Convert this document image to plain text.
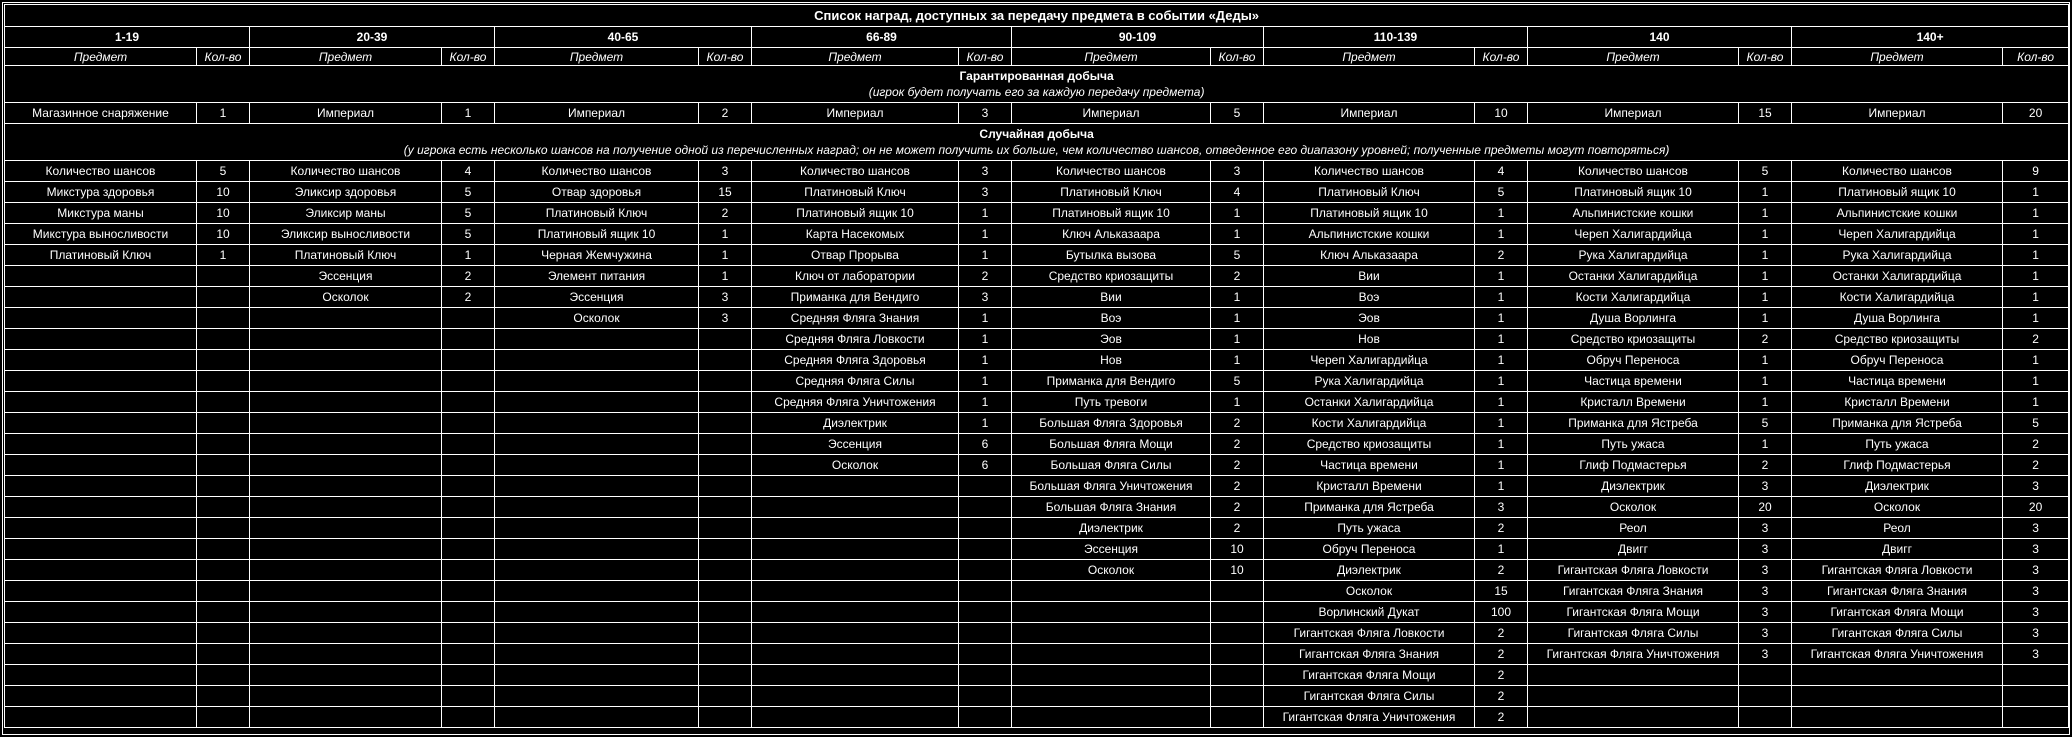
Список наград, доступных за передачу предмета в событии «Деды»															
1-19		20-39		40-65		66-89		90-109		110-139		140		140+	
Предмет	Кол-во	Предмет	Кол-во	Предмет	Кол-во	Предмет	Кол-во	Предмет	Кол-во	Предмет	Кол-во	Предмет	Кол-во	Предмет	Кол-во

Гарантированная добыча
(игрок будет получать его за каждую передачу предмета)															

Магазинное снаряжение	1	Империал	1	Империал	2	Империал	3	Империал	5	Империал	10	Империал	15	Империал	20

Случайная добыча
(у игрока есть несколько шансов на получение одной из перечисленных наград; он не может получить их больше, чем количество шансов, отведенное его диапазону уровней; полученные предметы могут повторяться)															

Количество шансов	5	Количество шансов	4	Количество шансов	3	Количество шансов	3	Количество шансов	3	Количество шансов	4	Количество шансов	5	Количество шансов	9
Микстура здоровья	10	Эликсир здоровья	5	Отвар здоровья	15	Платиновый Ключ	3	Платиновый Ключ	4	Платиновый Ключ	5	Платиновый ящик 10	1	Платиновый ящик 10	1
Микстура маны	10	Эликсир маны	5	Платиновый Ключ	2	Платиновый ящик 10	1	Платиновый ящик 10	1	Платиновый ящик 10	1	Альпинистские кошки	1	Альпинистские кошки	1
Микстура выносливости	10	Эликсир выносливости	5	Платиновый ящик 10	1	Карта Насекомых	1	Ключ Альказаара	1	Альпинистские кошки	1	Череп Халигардийца	1	Череп Халигардийца	1
Платиновый Ключ	1	Платиновый Ключ	1	Черная Жемчужина	1	Отвар Прорыва	1	Бутылка вызова	5	Ключ Альказаара	2	Рука Халигардийца	1	Рука Халигардийца	1
		Эссенция	2	Элемент питания	1	Ключ от лаборатории	2	Средство криозащиты	2	Вии	1	Останки Халигардийца	1	Останки Халигардийца	1
		Осколок	2	Эссенция	3	Приманка для Вендиго	3	Вии	1	Воэ	1	Кости Халигардийца	1	Кости Халигардийца	1
				Осколок	3	Средняя Фляга Знания	1	Воэ	1	Эов	1	Душа Ворлинга	1	Душа Ворлинга	1
						Средняя Фляга Ловкости	1	Эов	1	Нов	1	Средство криозащиты	2	Средство криозащиты	2
						Средняя Фляга Здоровья	1	Нов	1	Череп Халигардийца	1	Обруч Переноса	1	Обруч Переноса	1
						Средняя Фляга Силы	1	Приманка для Вендиго	5	Рука Халигардийца	1	Частица времени	1	Частица времени	1
						Средняя Фляга Уничтожения	1	Путь тревоги	1	Останки Халигардийца	1	Кристалл Времени	1	Кристалл Времени	1
						Диэлектрик	1	Большая Фляга Здоровья	2	Кости Халигардийца	1	Приманка для Ястреба	5	Приманка для Ястреба	5
						Эссенция	6	Большая Фляга Мощи	2	Средство криозащиты	1	Путь ужаса	1	Путь ужаса	2
						Осколок	6	Большая Фляга Силы	2	Частица времени	1	Глиф Подмастерья	2	Глиф Подмастерья	2
								Большая Фляга Уничтожения	2	Кристалл Времени	1	Диэлектрик	3	Диэлектрик	3
								Большая Фляга Знания	2	Приманка для Ястреба	3	Осколок	20	Осколок	20
								Диэлектрик	2	Путь ужаса	2	Реол	3	Реол	3
								Эссенция	10	Обруч Переноса	1	Двигг	3	Двигг	3
								Осколок	10	Диэлектрик	2	Гигантская Фляга Ловкости	3	Гигантская Фляга Ловкости	3
										Осколок	15	Гигантская Фляга Знания	3	Гигантская Фляга Знания	3
										Ворлинский Дукат	100	Гигантская Фляга Мощи	3	Гигантская Фляга Мощи	3
										Гигантская Фляга Ловкости	2	Гигантская Фляга Силы	3	Гигантская Фляга Силы	3
										Гигантская Фляга Знания	2	Гигантская Фляга Уничтожения	3	Гигантская Фляга Уничтожения	3
										Гигантская Фляга Мощи	2				
										Гигантская Фляга Силы	2				
										Гигантская Фляга Уничтожения	2				
